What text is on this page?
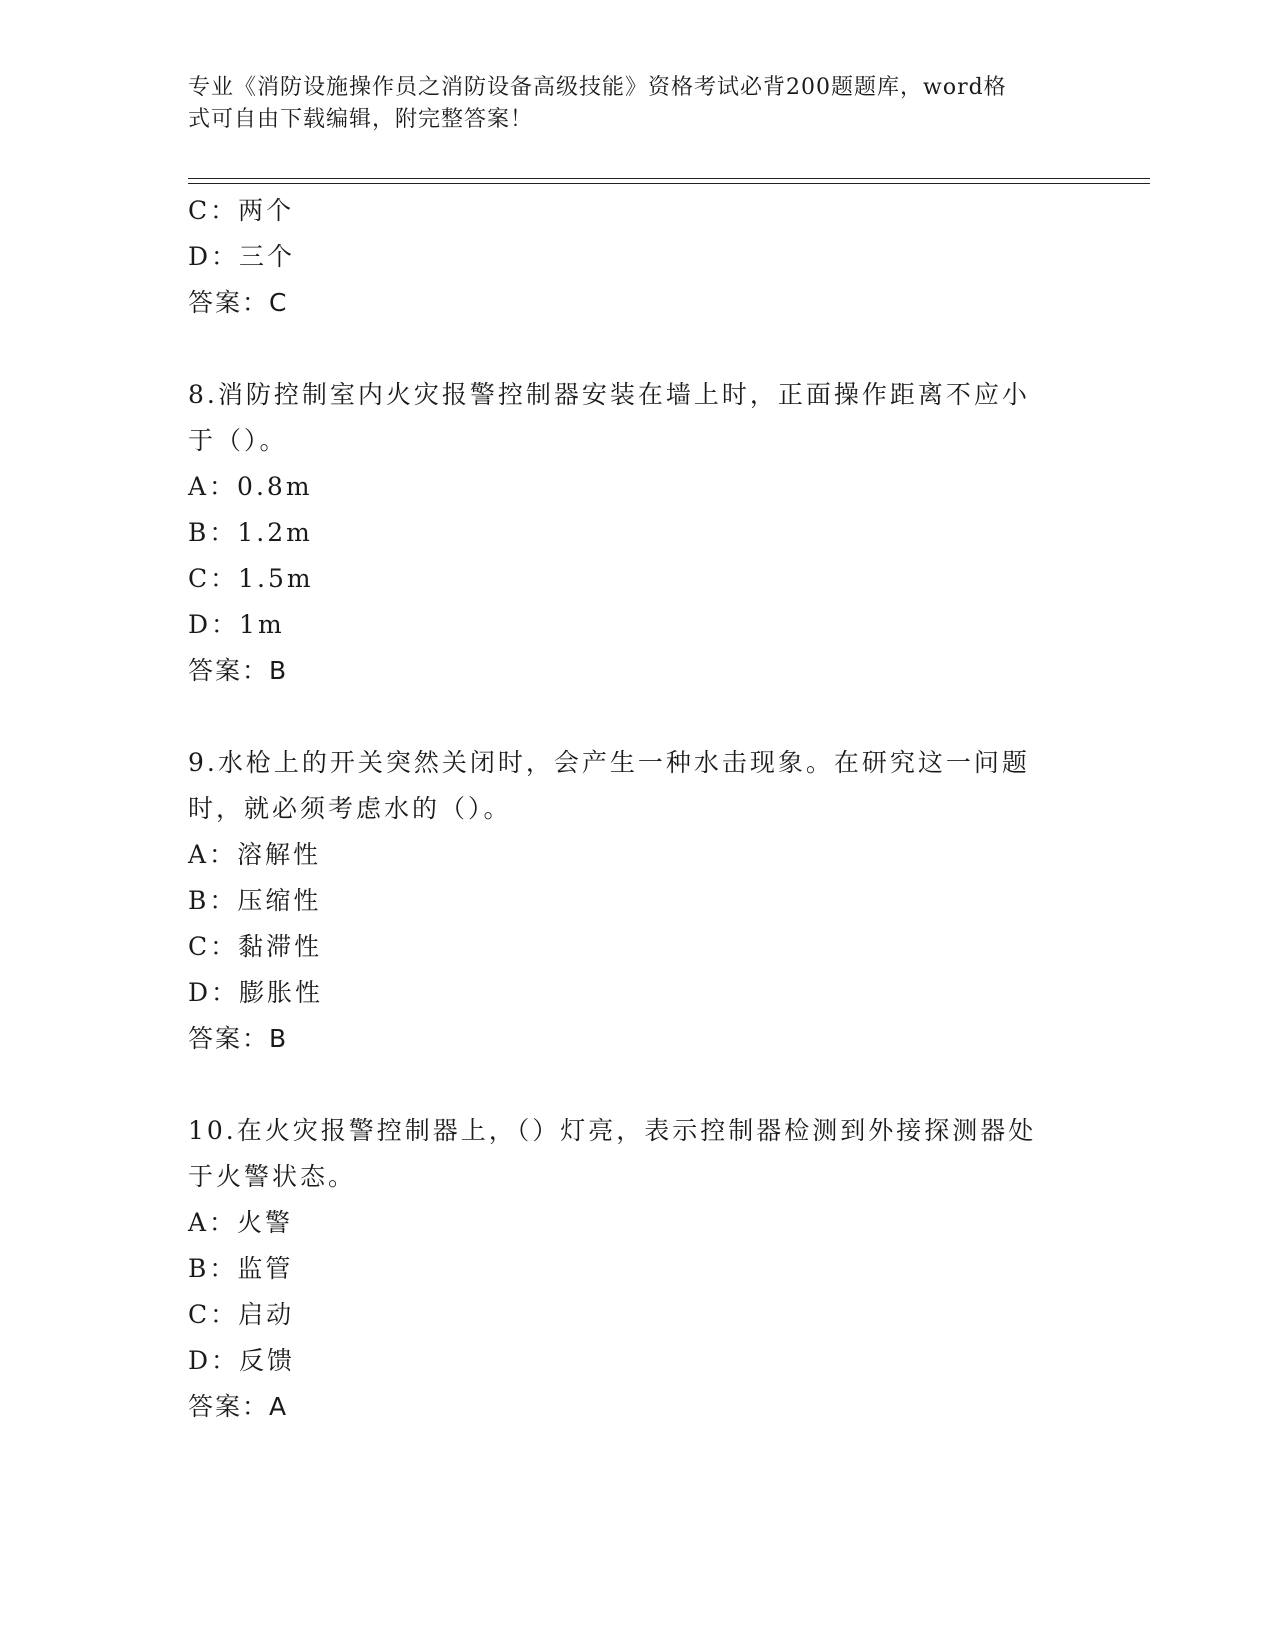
专业《消防设施操作员之消防设备高级技能》资格考试必背200题题库，word格
式可自由下载编辑，附完整答案！
C：两个
D：三个
答案：C
8.消防控制室内火灾报警控制器安装在墙上时，正面操作距离不应小
于（）。
A：0.8m
B：1.2m
C：1.5m
D：1m
答案：B
9.水枪上的开关突然关闭时，会产生一种水击现象。在研究这一问题
时，就必须考虑水的（）。
A：溶解性
B：压缩性
C：黏滞性
D：膨胀性
答案：B
10.在火灾报警控制器上，（）灯亮，表示控制器检测到外接探测器处
于火警状态。
A：火警
B：监管
C：启动
D：反馈
答案：A
